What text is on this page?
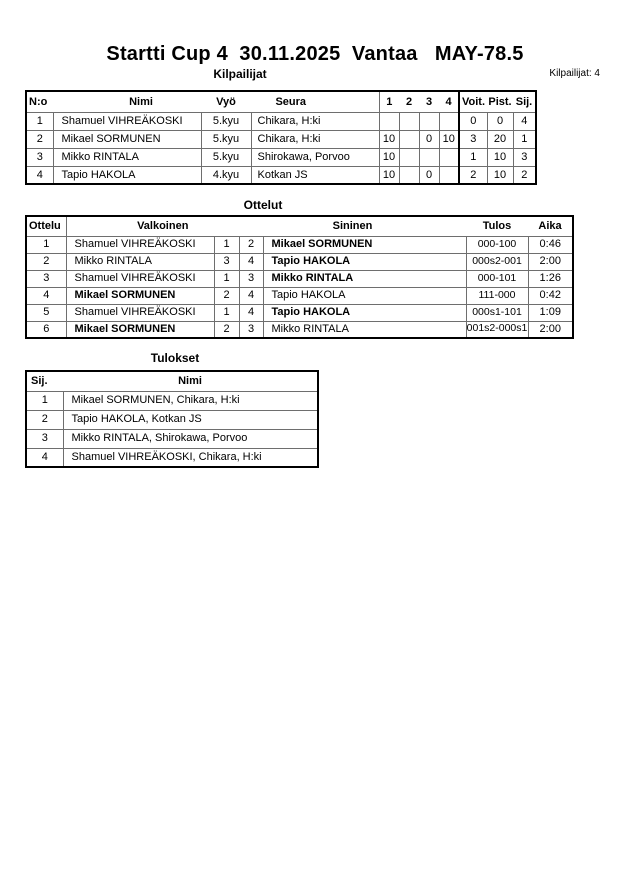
Startti Cup 4  30.11.2025  Vantaa   MAY-78.5
Kilpailijat	Kilpailijat: 4
N:o	Nimi	Vyö	Seura	1	2	3	4	Voit.	Pist.	Sij.
1	Shamuel VIHREÄKOSKI	5.kyu	Chikara, H:ki					0	0	4
2	Mikael SORMUNEN	5.kyu	Chikara, H:ki	10		0	10	3	20	1
3	Mikko RINTALA	5.kyu	Shirokawa, Porvoo	10				1	10	3
4	Tapio HAKOLA	4.kyu	Kotkan JS	10		0		2	10	2
Ottelut
Ottelu	Valkoinen		Sininen		Tulos	Aika
1	Shamuel VIHREÄKOSKI	1	2	Mikael SORMUNEN	000-100	0:46
2	Mikko RINTALA	3	4	Tapio HAKOLA	000s2-001	2:00
3	Shamuel VIHREÄKOSKI	1	3	Mikko RINTALA	000-101	1:26
4	Mikael SORMUNEN	2	4	Tapio HAKOLA	111-000	0:42
5	Shamuel VIHREÄKOSKI	1	4	Tapio HAKOLA	000s1-101	1:09
6	Mikael SORMUNEN	2	3	Mikko RINTALA	001s2-000s1	2:00
Tulokset
Sij.	Nimi
1	Mikael SORMUNEN, Chikara, H:ki
2	Tapio HAKOLA, Kotkan JS
3	Mikko RINTALA, Shirokawa, Porvoo
4	Shamuel VIHREÄKOSKI, Chikara, H:ki
